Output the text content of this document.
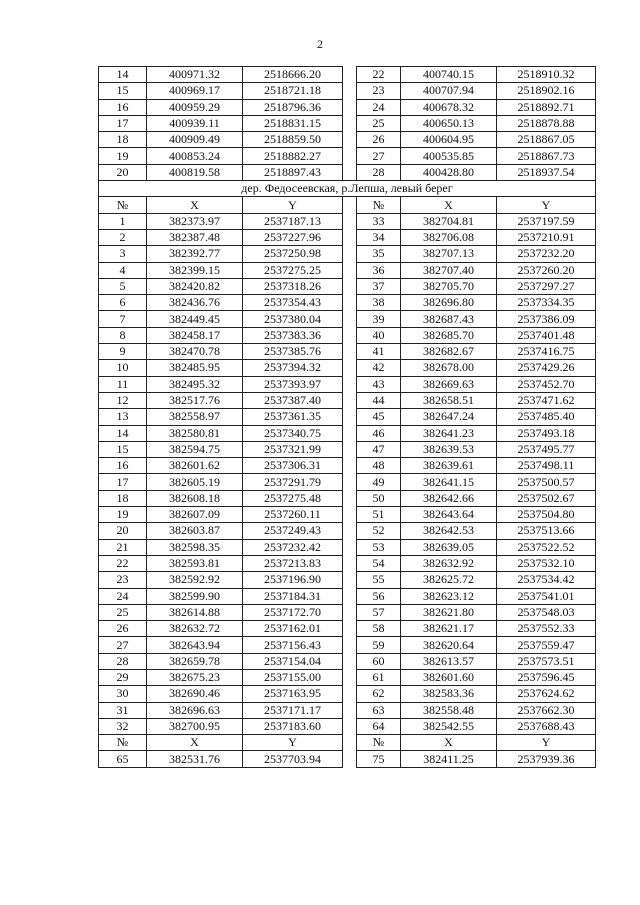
2
14	400971.32	2518666.20		22	400740.15	2518910.32
15	400969.17	2518721.18		23	400707.94	2518902.16
16	400959.29	2518796.36		24	400678.32	2518892.71
17	400939.11	2518831.15		25	400650.13	2518878.88
18	400909.49	2518859.50		26	400604.95	2518867.05
19	400853.24	2518882.27		27	400535.85	2518867.73
20	400819.58	2518897.43		28	400428.80	2518937.54
дер. Федосеевская, р.Лепша, левый берег						
№	X	Y		№	X	Y
1	382373.97	2537187.13		33	382704.81	2537197.59
2	382387.48	2537227.96		34	382706.08	2537210.91
3	382392.77	2537250.98		35	382707.13	2537232.20
4	382399.15	2537275.25		36	382707.40	2537260.20
5	382420.82	2537318.26		37	382705.70	2537297.27
6	382436.76	2537354.43		38	382696.80	2537334.35
7	382449.45	2537380.04		39	382687.43	2537386.09
8	382458.17	2537383.36		40	382685.70	2537401.48
9	382470.78	2537385.76		41	382682.67	2537416.75
10	382485.95	2537394.32		42	382678.00	2537429.26
11	382495.32	2537393.97		43	382669.63	2537452.70
12	382517.76	2537387.40		44	382658.51	2537471.62
13	382558.97	2537361.35		45	382647.24	2537485.40
14	382580.81	2537340.75		46	382641.23	2537493.18
15	382594.75	2537321.99		47	382639.53	2537495.77
16	382601.62	2537306.31		48	382639.61	2537498.11
17	382605.19	2537291.79		49	382641.15	2537500.57
18	382608.18	2537275.48		50	382642.66	2537502.67
19	382607.09	2537260.11		51	382643.64	2537504.80
20	382603.87	2537249.43		52	382642.53	2537513.66
21	382598.35	2537232.42		53	382639.05	2537522.52
22	382593.81	2537213.83		54	382632.92	2537532.10
23	382592.92	2537196.90		55	382625.72	2537534.42
24	382599.90	2537184.31		56	382623.12	2537541.01
25	382614.88	2537172.70		57	382621.80	2537548.03
26	382632.72	2537162.01		58	382621.17	2537552.33
27	382643.94	2537156.43		59	382620.64	2537559.47
28	382659.78	2537154.04		60	382613.57	2537573.51
29	382675.23	2537155.00		61	382601.60	2537596.45
30	382690.46	2537163.95		62	382583.36	2537624.62
31	382696.63	2537171.17		63	382558.48	2537662.30
32	382700.95	2537183.60		64	382542.55	2537688.43
№	X	Y		№	X	Y
65	382531.76	2537703.94		75	382411.25	2537939.36
